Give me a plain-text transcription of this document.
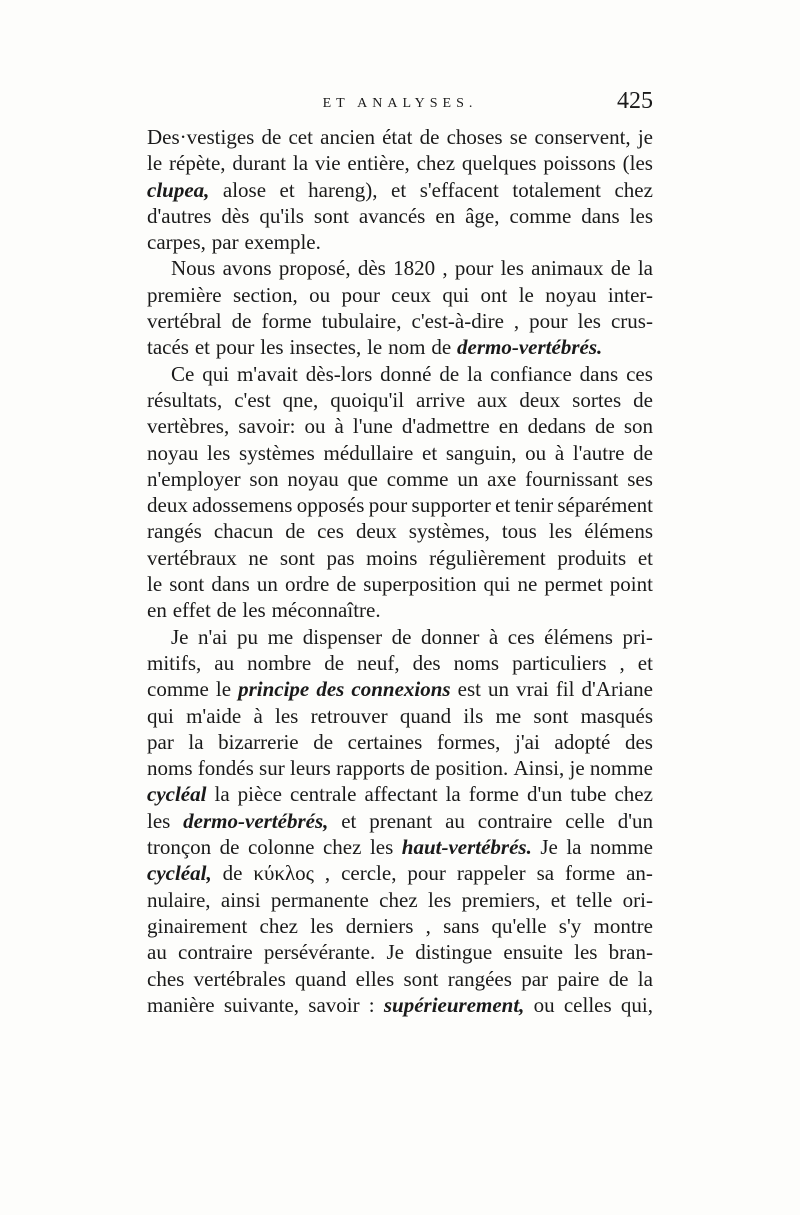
ET ANALYSES.	425
Des·vestiges de cet ancien état de choses se conservent, je
le répète, durant la vie entière, chez quelques poissons (les
clupea, alose et hareng), et s'effacent totalement chez
d'autres dès qu'ils sont avancés en âge, comme dans les
carpes, par exemple.
Nous avons proposé, dès 1820 , pour les animaux de la
première section, ou pour ceux qui ont le noyau inter-
vertébral de forme tubulaire, c'est-à-dire , pour les crus-
tacés et pour les insectes, le nom de dermo-vertébrés.
Ce qui m'avait dès-lors donné de la confiance dans ces
résultats, c'est qne, quoiqu'il arrive aux deux sortes de
vertèbres, savoir: ou à l'une d'admettre en dedans de son
noyau les systèmes médullaire et sanguin, ou à l'autre de
n'employer son noyau que comme un axe fournissant ses
deux adossemens opposés pour supporter et tenir séparément
rangés chacun de ces deux systèmes, tous les élémens
vertébraux ne sont pas moins régulièrement produits et
le sont dans un ordre de superposition qui ne permet point
en effet de les méconnaître.
Je n'ai pu me dispenser de donner à ces élémens pri-
mitifs, au nombre de neuf, des noms particuliers , et
comme le principe des connexions est un vrai fil d'Ariane
qui m'aide à les retrouver quand ils me sont masqués
par la bizarrerie de certaines formes, j'ai adopté des
noms fondés sur leurs rapports de position. Ainsi, je nomme
cycléal la pièce centrale affectant la forme d'un tube chez
les dermo-vertébrés, et prenant au contraire celle d'un
tronçon de colonne chez les haut-vertébrés. Je la nomme
cycléal, de κύκλος , cercle, pour rappeler sa forme an-
nulaire, ainsi permanente chez les premiers, et telle ori-
ginairement chez les derniers , sans qu'elle s'y montre
au contraire persévérante. Je distingue ensuite les bran-
ches vertébrales quand elles sont rangées par paire de la
manière suivante, savoir : supérieurement, ou celles qui,
